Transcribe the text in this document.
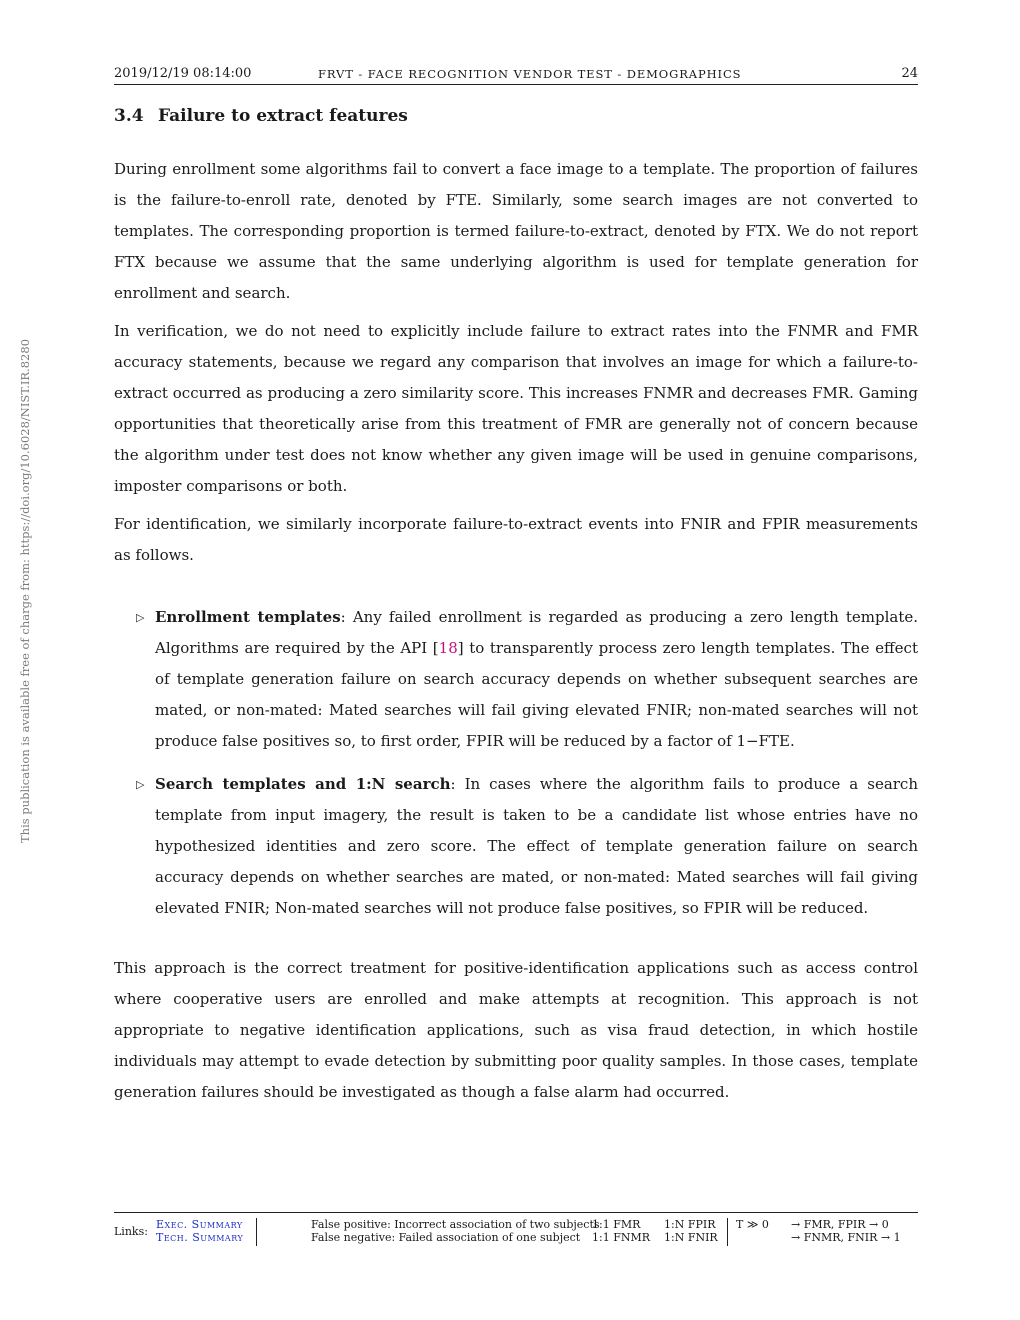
2019/12/19 08:14:00	FRVT - FACE RECOGNITION VENDOR TEST - DEMOGRAPHICS	24
This publication is available free of charge from: https://doi.org/10.6028/NIST.IR.8280
3.4 Failure to extract features

During enrollment some algorithms fail to convert a face image to a template. The proportion of failures is the failure-to-enroll rate, denoted by FTE. Similarly, some search images are not converted to templates. The corresponding proportion is termed failure-to-extract, denoted by FTX. We do not report FTX because we assume that the same underlying algorithm is used for template generation for enrollment and search.

In verification, we do not need to explicitly include failure to extract rates into the FNMR and FMR accuracy statements, because we regard any comparison that involves an image for which a failure-to-extract occurred as producing a zero similarity score. This increases FNMR and decreases FMR. Gaming opportunities that theoretically arise from this treatment of FMR are generally not of concern because the algorithm under test does not know whether any given image will be used in genuine comparisons, imposter comparisons or both.

For identification, we similarly incorporate failure-to-extract events into FNIR and FPIR measurements as follows.

▷ Enrollment templates: Any failed enrollment is regarded as producing a zero length template. Algorithms are required by the API [18] to transparently process zero length templates. The effect of template generation failure on search accuracy depends on whether subsequent searches are mated, or non-mated: Mated searches will fail giving elevated FNIR; non-mated searches will not produce false positives so, to first order, FPIR will be reduced by a factor of 1−FTE.
▷ Search templates and 1:N search: In cases where the algorithm fails to produce a search template from input imagery, the result is taken to be a candidate list whose entries have no hypothesized identities and zero score. The effect of template generation failure on search accuracy depends on whether searches are mated, or non-mated: Mated searches will fail giving elevated FNIR; Non-mated searches will not produce false positives, so FPIR will be reduced.

This approach is the correct treatment for positive-identification applications such as access control where cooperative users are enrolled and make attempts at recognition. This approach is not appropriate to negative identification applications, such as visa fraud detection, in which hostile individuals may attempt to evade detection by submitting poor quality samples. In those cases, template generation failures should be investigated as though a false alarm had occurred.

Links:
Exec. Summary
Tech. Summary
False positive: Incorrect association of two subjects
False negative: Failed association of one subject
1:1 FMR
1:1 FNMR
1:N FPIR
1:N FNIR
T ≫ 0 → FMR, FPIR → 0
→ FNMR, FNIR → 1
